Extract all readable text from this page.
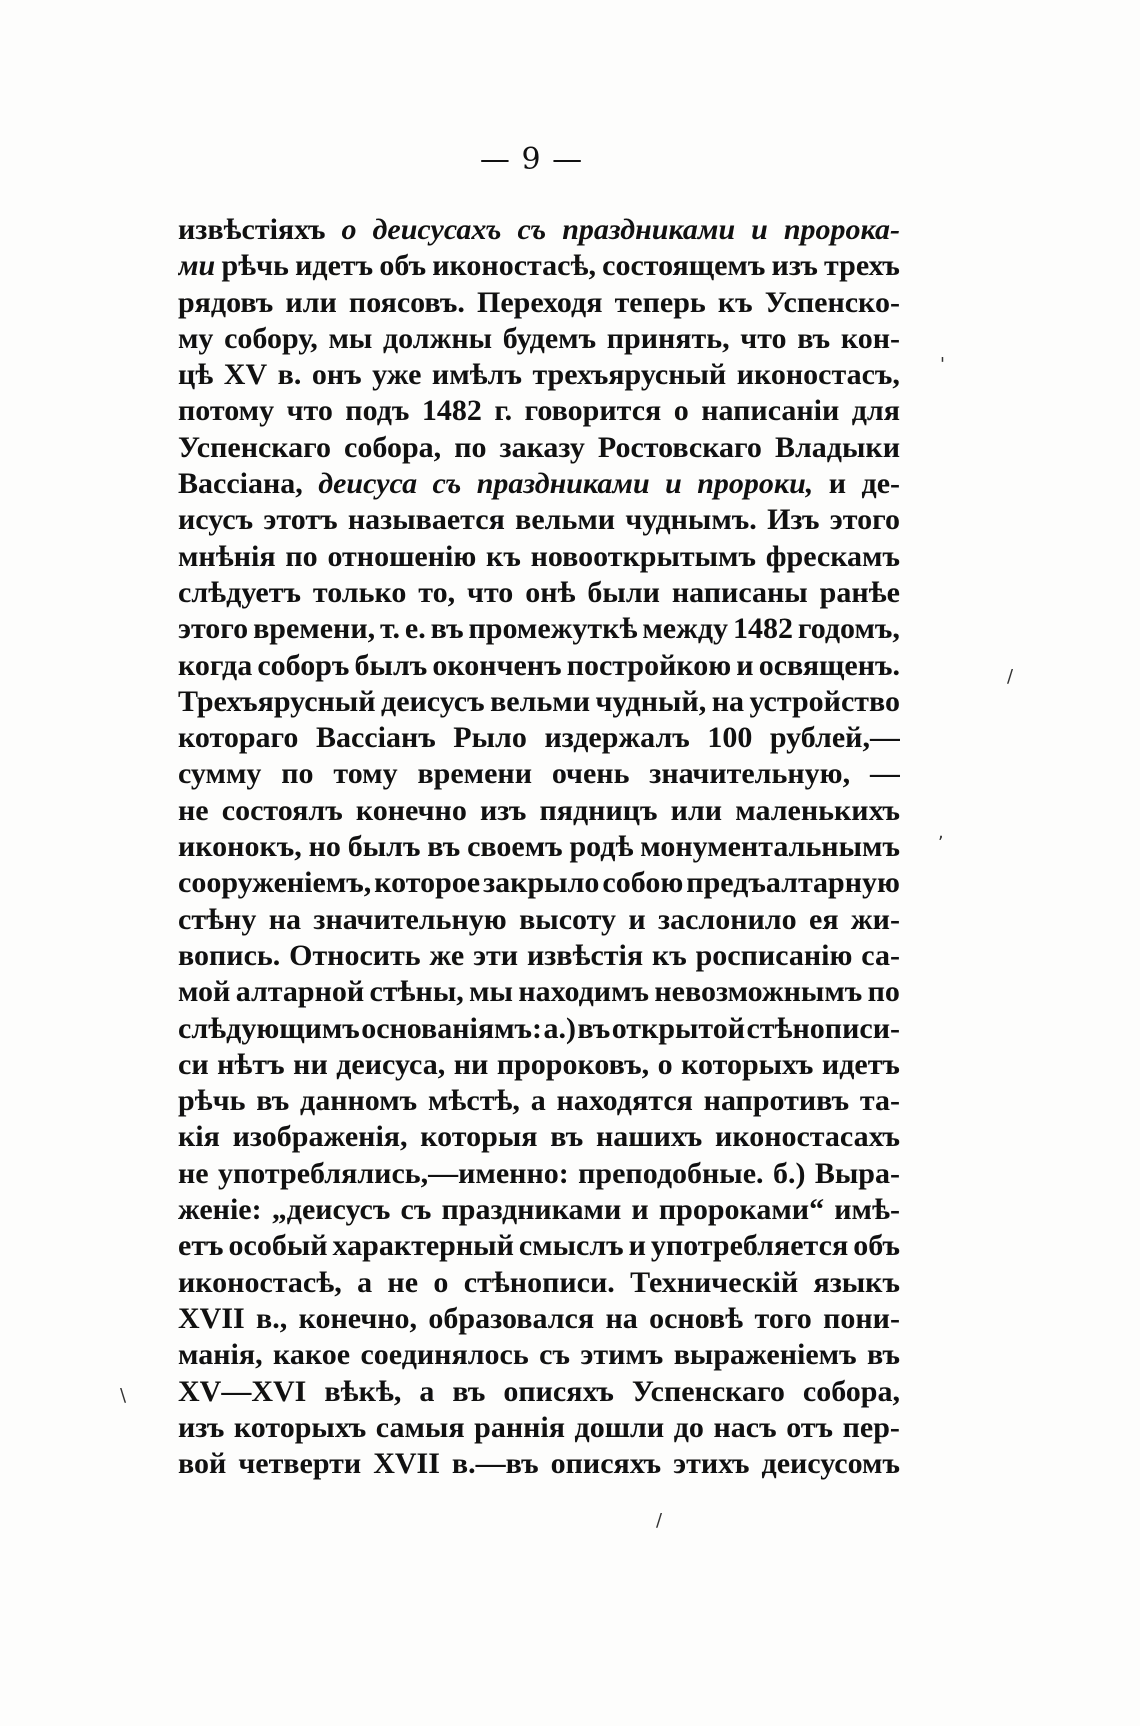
— 9 —
извѣстіяхъ о деисусахъ съ праздниками и пророка-
ми рѣчь идетъ объ иконостасѣ, состоящемъ изъ трехъ
рядовъ или поясовъ. Переходя теперь къ Успенско-
му собору, мы должны будемъ принять, что въ кон-
цѣ XV в. онъ уже имѣлъ трехъярусный иконостасъ,
потому что подъ 1482 г. говорится о написаніи для
Успенскаго собора, по заказу Ростовскаго Владыки
Вассіана, деисуса съ праздниками и пророки, и де-
исусъ этотъ называется вельми чуднымъ. Изъ этого
мнѣнія по отношенію къ новооткрытымъ фрескамъ
слѣдуетъ только то, что онѣ были написаны ранѣе
этого времени, т. е. въ промежуткѣ между 1482 годомъ,
когда соборъ былъ оконченъ постройкою и освященъ.
Трехъярусный деисусъ вельми чудный, на устройство
котораго Вассіанъ Рыло издержалъ 100 рублей,—
сумму по тому времени очень значительную, —
не состоялъ конечно изъ пядницъ или маленькихъ
иконокъ, но былъ въ своемъ родѣ монументальнымъ
сооруженіемъ, которое закрыло собою предъалтарную
стѣну на значительную высоту и заслонило ея жи-
вопись. Относить же эти извѣстія къ росписанію са-
мой алтарной стѣны, мы находимъ невозможнымъ по
слѣдующимъ основаніямъ: а.) въ открытой стѣнописи-
си нѣтъ ни деисуса, ни пророковъ, о которыхъ идетъ
рѣчь въ данномъ мѣстѣ, а находятся напротивъ та-
кія изображенія, которыя въ нашихъ иконостасахъ
не употреблялись,—именно: преподобные. б.) Выра-
женіе: „деисусъ съ праздниками и пророками“ имѣ-
етъ особый характерный смыслъ и употребляется объ
иконостасѣ, а не о стѣнописи. Техническій языкъ
XVII в., конечно, образовался на основѣ того пони-
манія, какое соединялось съ этимъ выраженіемъ въ
XV—XVI вѣкѣ, а въ описяхъ Успенскаго собора,
изъ которыхъ самыя раннія дошли до насъ отъ пер-
вой четверти XVII в.—въ описяхъ этихъ деисусомъ
'
/
,
\
/
